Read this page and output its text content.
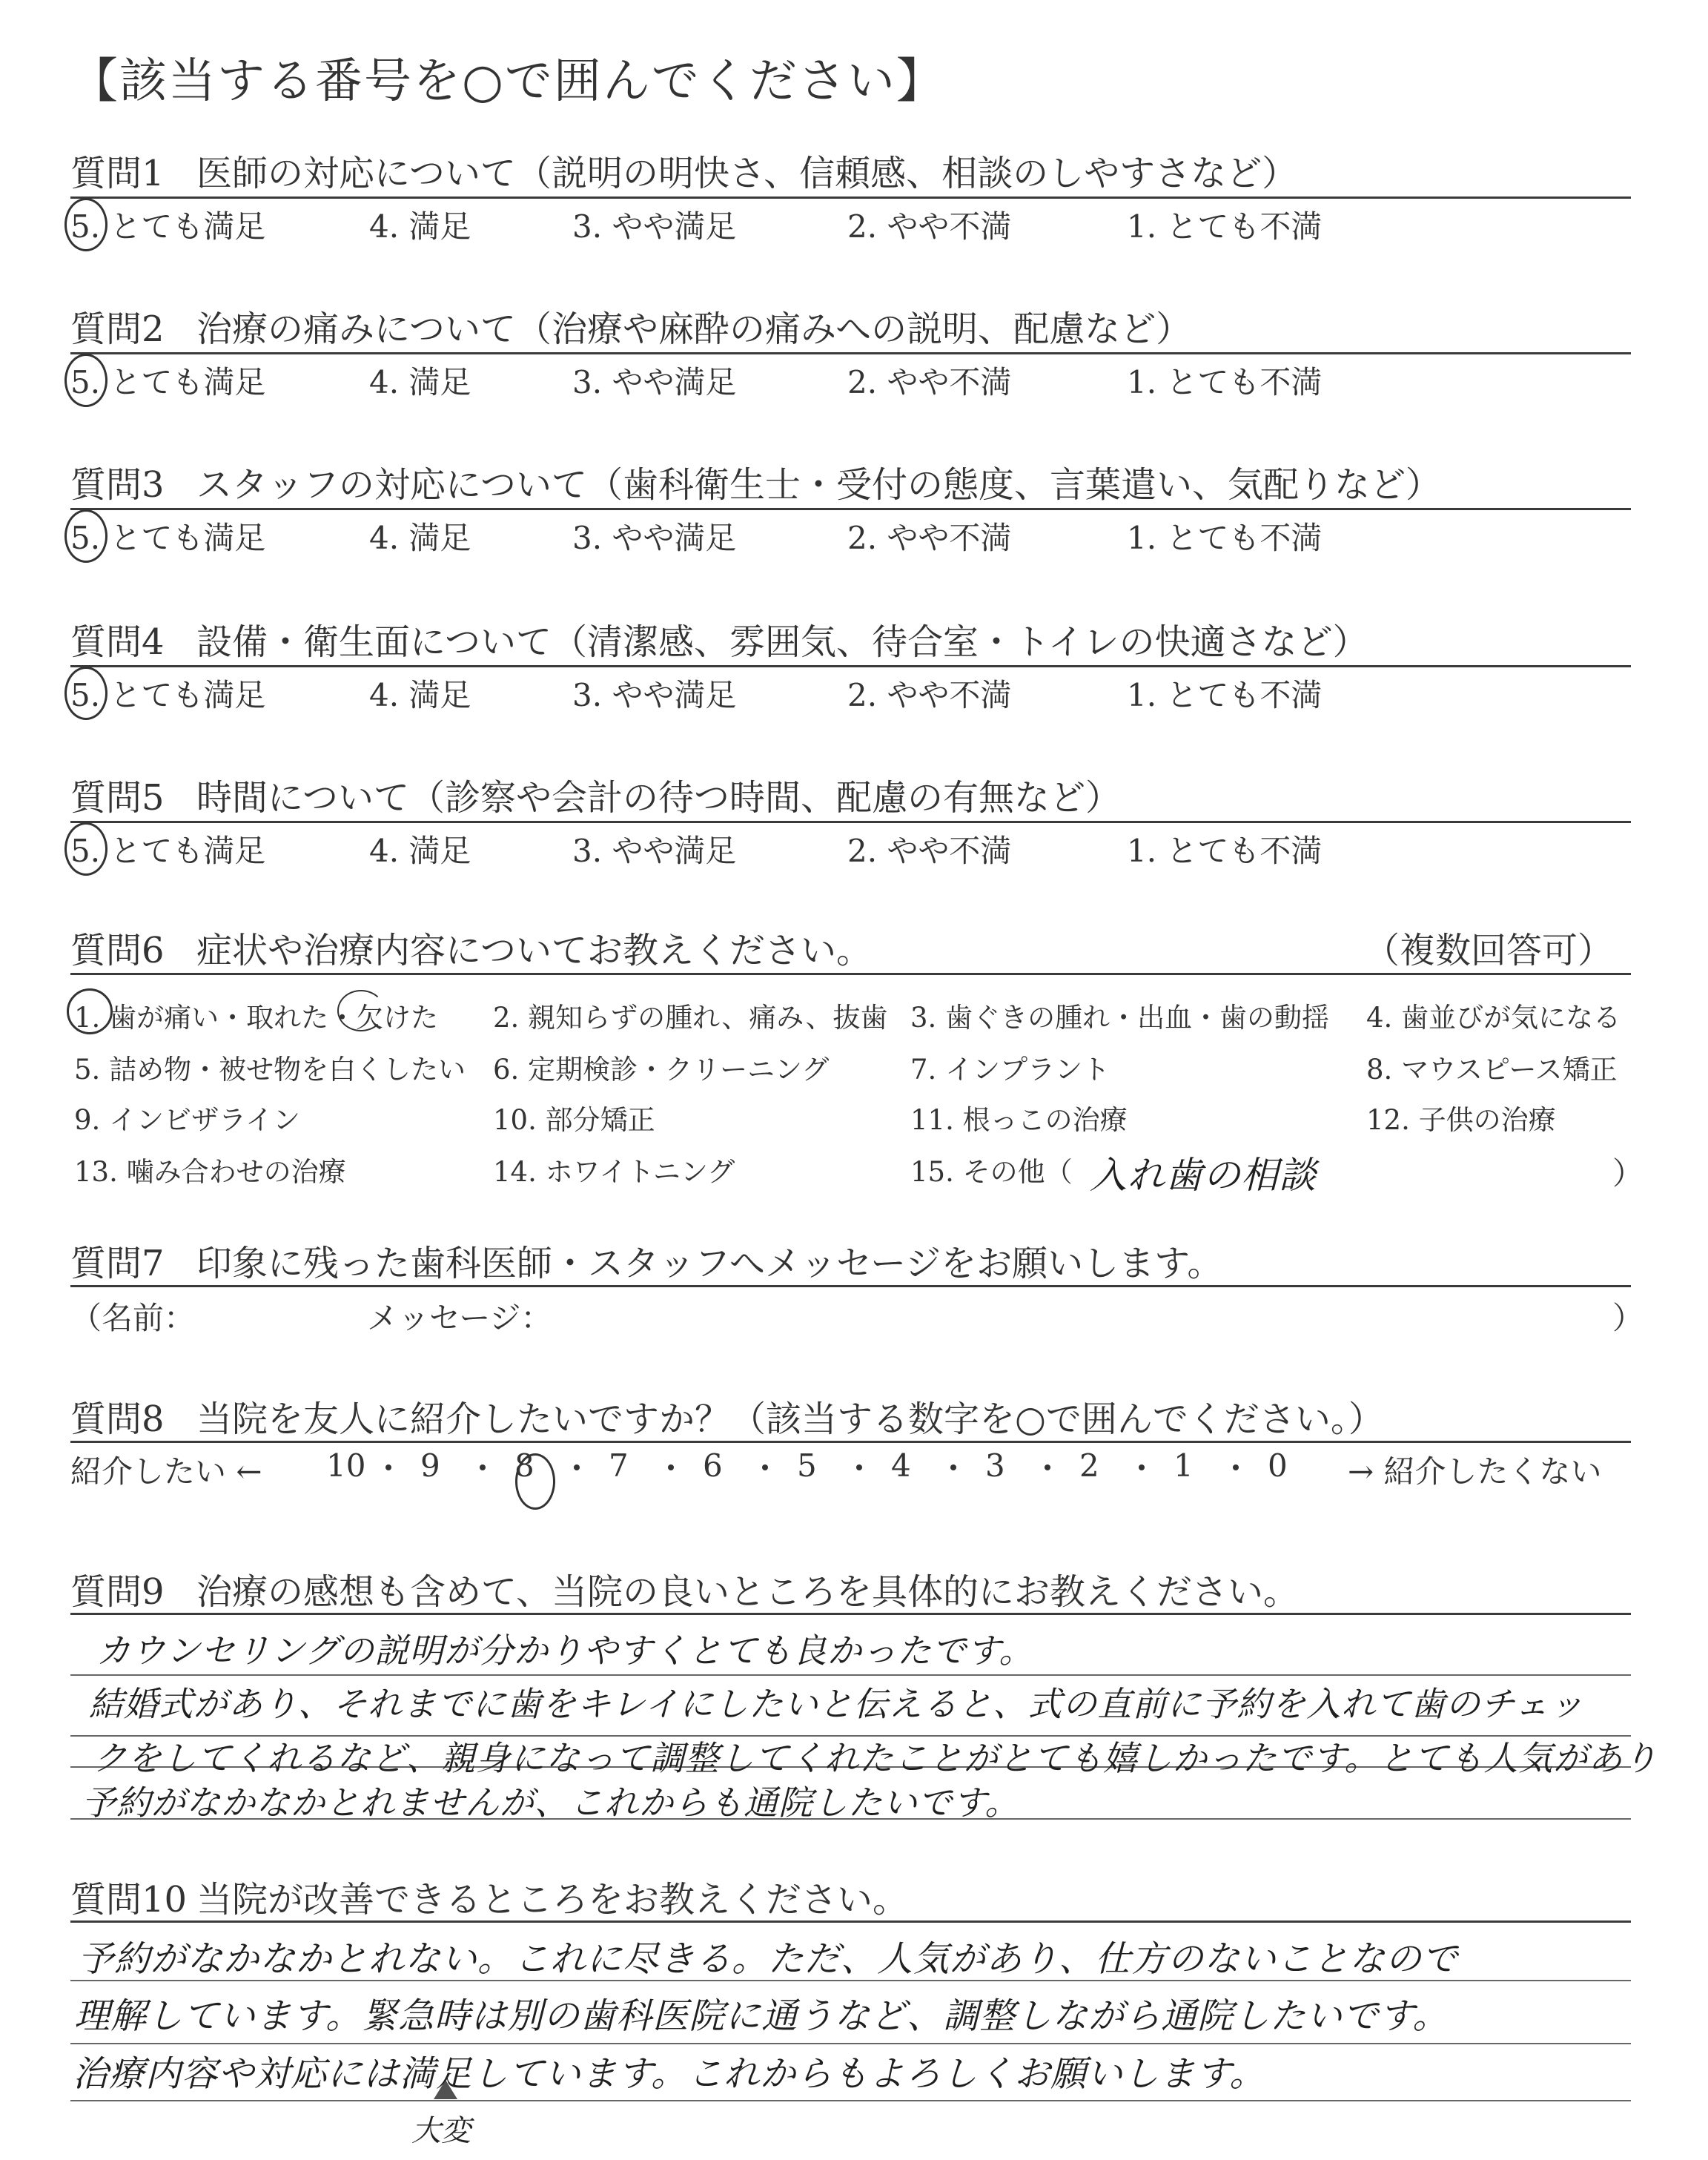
【該当する番号を○で囲んでください】
質問1 医師の対応について（説明の明快さ、信頼感、相談のしやすさなど）
5. とても満足	4. 満足	3. やや満足	2. やや不満	1. とても不満
質問2 治療の痛みについて（治療や麻酔の痛みへの説明、配慮など）
5. とても満足	4. 満足	3. やや満足	2. やや不満	1. とても不満
質問3 スタッフの対応について（歯科衛生士・受付の態度、言葉遣い、気配りなど）
5. とても満足	4. 満足	3. やや満足	2. やや不満	1. とても不満
質問4 設備・衛生面について（清潔感、雰囲気、待合室・トイレの快適さなど）
5. とても満足	4. 満足	3. やや満足	2. やや不満	1. とても不満
質問5 時間について（診察や会計の待つ時間、配慮の有無など）
5. とても満足	4. 満足	3. やや満足	2. やや不満	1. とても不満
質問6 症状や治療内容についてお教えください。	（複数回答可）
1. 歯が痛い・取れた・欠けた 2. 親知らずの腫れ、痛み、抜歯 3. 歯ぐきの腫れ・出血・歯の動揺 4. 歯並びが気になる
5. 詰め物・被せ物を白くしたい 6. 定期検診・クリーニング	7. インプラント	8. マウスピース矯正
9. インビザライン	10. 部分矯正	11. 根っこの治療	12. 子供の治療
13. 噛み合わせの治療	14. ホワイトニング	15. その他（ 入れ歯の相談	）
質問7 印象に残った歯科医師・スタッフへメッセージをお願いします。
（名前：	メッセージ：	）
質問8 当院を友人に紹介したいですか？（該当する数字を○で囲んでください。）
紹介したい ← 10 9 8 7 6 5 4 3 2 1 0 → 紹介したくない
質問9 治療の感想も含めて、当院の良いところを具体的にお教えください。
カウンセリングの説明が分かりやすくとても良かったです。
結婚式があり、それまでに歯をキレイにしたいと伝えると、式の直前に予約を入れて歯のチェッ
クをしてくれるなど、親身になって調整してくれたことがとても嬉しかったです。とても人気があり
予約がなかなかとれませんが、これからも通院したいです。
質問10 当院が改善できるところをお教えください。
予約がなかなかとれない。これに尽きる。ただ、人気があり、仕方のないことなので
理解しています。緊急時は別の歯科医院に通うなど、調整しながら通院したいです。
治療内容や対応には満足しています。これからもよろしくお願いします。
大変
